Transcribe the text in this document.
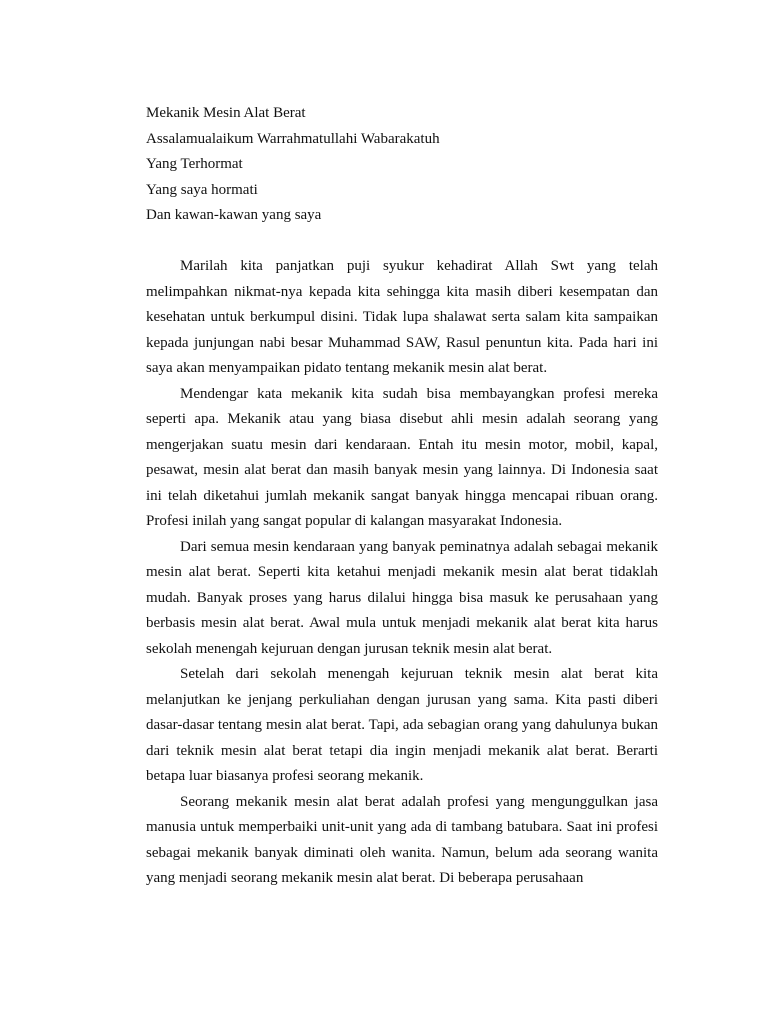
Mekanik Mesin Alat Berat

Assalamualaikum Warrahmatullahi Wabarakatuh

Yang Terhormat

Yang saya hormati

Dan kawan-kawan yang saya

Marilah kita panjatkan puji syukur kehadirat Allah Swt yang telah melimpahkan nikmat-nya kepada kita sehingga kita masih diberi kesempatan dan kesehatan untuk berkumpul disini. Tidak lupa shalawat serta salam kita sampaikan kepada junjungan nabi besar Muhammad SAW, Rasul penuntun kita. Pada hari ini saya akan menyampaikan pidato tentang mekanik mesin alat berat.

Mendengar kata mekanik kita sudah bisa membayangkan profesi mereka seperti apa. Mekanik atau yang biasa disebut ahli mesin adalah seorang yang mengerjakan suatu mesin dari kendaraan. Entah itu mesin motor, mobil, kapal, pesawat, mesin alat berat dan masih banyak mesin yang lainnya. Di Indonesia saat ini telah diketahui jumlah mekanik sangat banyak hingga mencapai ribuan orang. Profesi inilah yang sangat popular di kalangan masyarakat Indonesia.

Dari semua mesin kendaraan yang banyak peminatnya adalah sebagai mekanik mesin alat berat. Seperti kita ketahui menjadi mekanik mesin alat berat tidaklah mudah. Banyak proses yang harus dilalui hingga bisa masuk ke perusahaan yang berbasis mesin alat berat. Awal mula untuk menjadi mekanik alat berat kita harus sekolah menengah kejuruan dengan jurusan teknik mesin alat berat.

Setelah dari sekolah menengah kejuruan teknik mesin alat berat kita melanjutkan ke jenjang perkuliahan dengan jurusan yang sama. Kita pasti diberi dasar-dasar tentang mesin alat berat. Tapi, ada sebagian orang yang dahulunya bukan dari teknik mesin alat berat tetapi dia ingin menjadi mekanik alat berat. Berarti betapa luar biasanya profesi seorang mekanik.

Seorang mekanik mesin alat berat adalah profesi yang mengunggulkan jasa manusia untuk memperbaiki unit-unit yang ada di tambang batubara. Saat ini profesi sebagai mekanik banyak diminati oleh wanita. Namun, belum ada seorang wanita yang menjadi seorang mekanik mesin alat berat. Di beberapa perusahaan
